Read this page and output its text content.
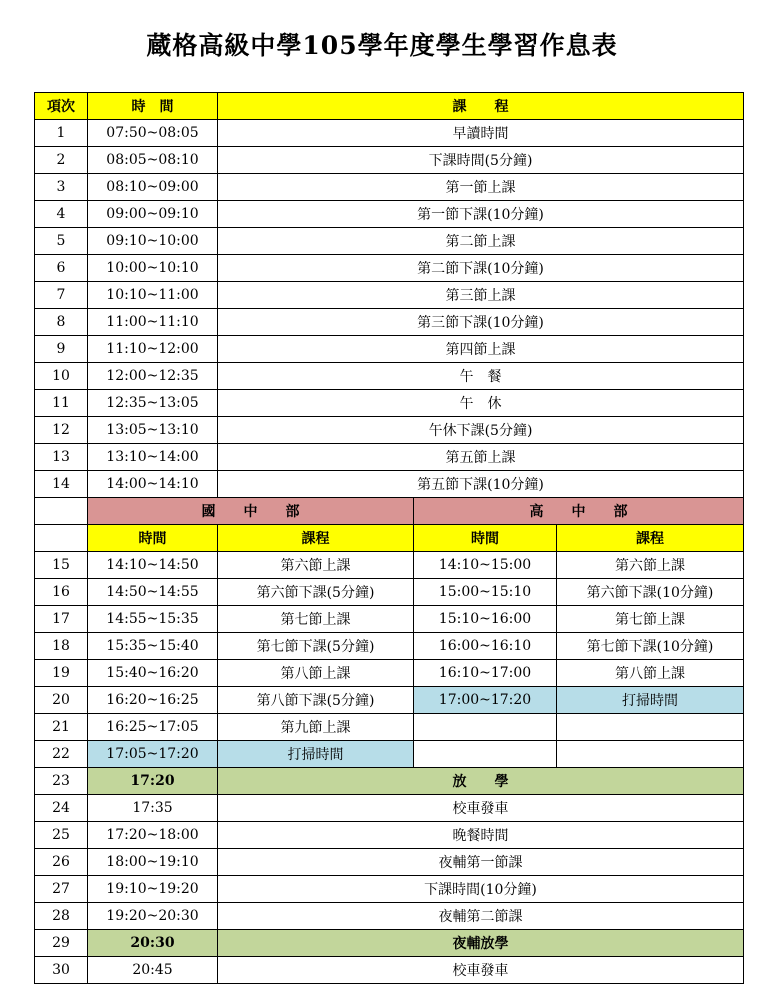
蔵格高級中學105學年度學生學習作息表
項次	時　間	課　　程		
1	07:50~08:05	早讀時間		
2	08:05~08:10	下課時間(5分鐘)		
3	08:10~09:00	第一節上課		
4	09:00~09:10	第一節下課(10分鐘)		
5	09:10~10:00	第二節上課		
6	10:00~10:10	第二節下課(10分鐘)		
7	10:10~11:00	第三節上課		
8	11:00~11:10	第三節下課(10分鐘)		
9	11:10~12:00	第四節上課		
10	12:00~12:35	午　餐		
11	12:35~13:05	午　休		
12	13:05~13:10	午休下課(5分鐘)		
13	13:10~14:00	第五節上課		
14	14:00~14:10	第五節下課(10分鐘)		
	國　　中　　部		高　　中　　部	
	時間	課程	時間	課程
15	14:10~14:50	第六節上課	14:10~15:00	第六節上課
16	14:50~14:55	第六節下課(5分鐘)	15:00~15:10	第六節下課(10分鐘)
17	14:55~15:35	第七節上課	15:10~16:00	第七節上課
18	15:35~15:40	第七節下課(5分鐘)	16:00~16:10	第七節下課(10分鐘)
19	15:40~16:20	第八節上課	16:10~17:00	第八節上課
20	16:20~16:25	第八節下課(5分鐘)	17:00~17:20	打掃時間
21	16:25~17:05	第九節上課		
22	17:05~17:20	打掃時間		
23	17:20	放　　學		
24	17:35	校車發車		
25	17:20~18:00	晚餐時間		
26	18:00~19:10	夜輔第一節課		
27	19:10~19:20	下課時間(10分鐘)		
28	19:20~20:30	夜輔第二節課		
29	20:30	夜輔放學		
30	20:45	校車發車		
